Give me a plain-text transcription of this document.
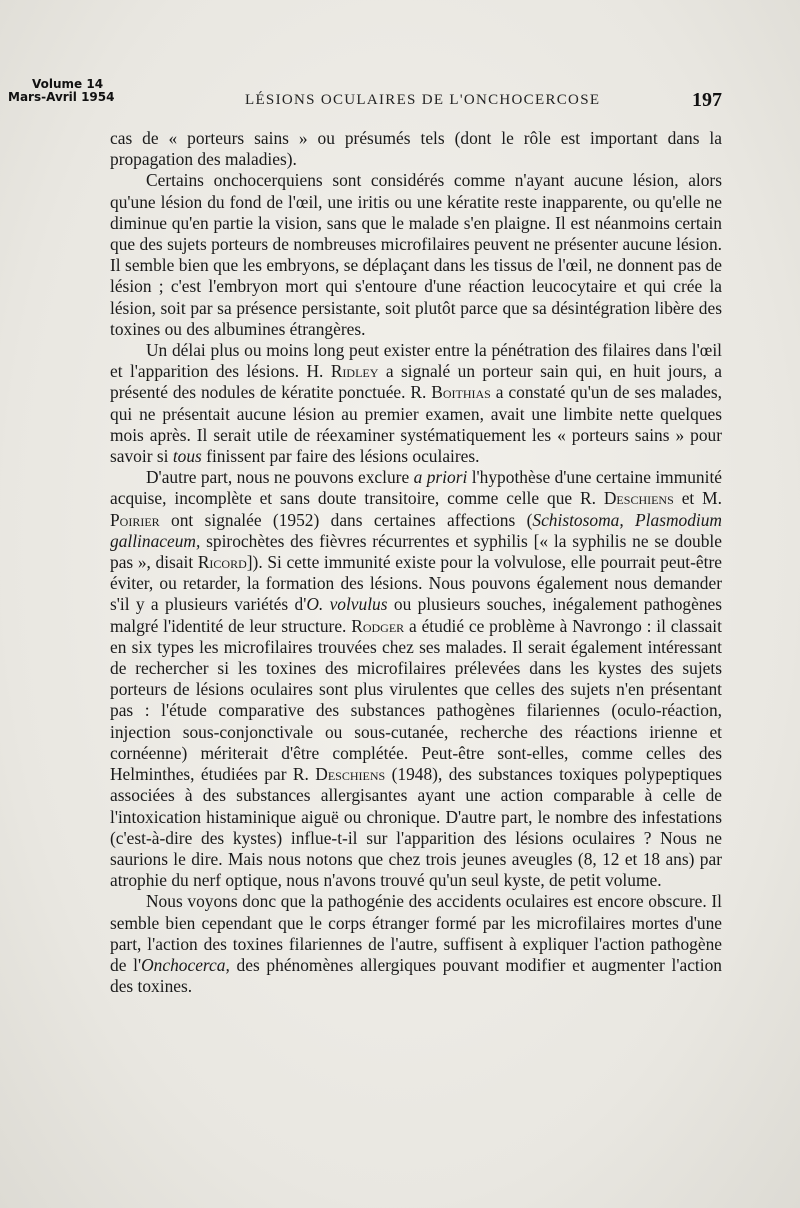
Volume 14
Mars-Avril 1954	LÉSIONS OCULAIRES DE L'ONCHOCERCOSE	197

cas de « porteurs sains » ou présumés tels (dont le rôle est important dans la propagation des maladies).

Certains onchocerquiens sont considérés comme n'ayant aucune lésion, alors qu'une lésion du fond de l'œil, une iritis ou une kératite reste inapparente, ou qu'elle ne diminue qu'en partie la vision, sans que le malade s'en plaigne. Il est néanmoins certain que des sujets porteurs de nombreuses microfilaires peuvent ne présenter aucune lésion. Il semble bien que les embryons, se déplaçant dans les tissus de l'œil, ne donnent pas de lésion ; c'est l'embryon mort qui s'entoure d'une réaction leucocytaire et qui crée la lésion, soit par sa présence persistante, soit plutôt parce que sa désintégration libère des toxines ou des albumines étrangères.

Un délai plus ou moins long peut exister entre la pénétration des filaires dans l'œil et l'apparition des lésions. H. Ridley a signalé un porteur sain qui, en huit jours, a présenté des nodules de kératite ponctuée. R. Boithias a constaté qu'un de ses malades, qui ne présentait aucune lésion au premier examen, avait une limbite nette quelques mois après. Il serait utile de réexaminer systématiquement les « porteurs sains » pour savoir si tous finissent par faire des lésions oculaires.

D'autre part, nous ne pouvons exclure a priori l'hypothèse d'une certaine immunité acquise, incomplète et sans doute transitoire, comme celle que R. Deschiens et M. Poirier ont signalée (1952) dans certaines affections (Schistosoma, Plasmodium gallinaceum, spirochètes des fièvres récurrentes et syphilis [« la syphilis ne se double pas », disait Ricord]). Si cette immunité existe pour la volvulose, elle pourrait peut-être éviter, ou retarder, la formation des lésions. Nous pouvons également nous demander s'il y a plusieurs variétés d'O. volvulus ou plusieurs souches, inégalement pathogènes malgré l'identité de leur structure. Rodger a étudié ce problème à Navrongo : il classait en six types les microfilaires trouvées chez ses malades. Il serait également intéressant de rechercher si les toxines des microfilaires prélevées dans les kystes des sujets porteurs de lésions oculaires sont plus virulentes que celles des sujets n'en présentant pas : l'étude comparative des substances pathogènes filariennes (oculo-réaction, injection sous-conjonctivale ou sous-cutanée, recherche des réactions irienne et cornéenne) mériterait d'être complétée. Peut-être sont-elles, comme celles des Helminthes, étudiées par R. Deschiens (1948), des substances toxiques polypeptiques associées à des substances allergisantes ayant une action comparable à celle de l'intoxication histaminique aiguë ou chronique. D'autre part, le nombre des infestations (c'est-à-dire des kystes) influe-t-il sur l'apparition des lésions oculaires ? Nous ne saurions le dire. Mais nous notons que chez trois jeunes aveugles (8, 12 et 18 ans) par atrophie du nerf optique, nous n'avons trouvé qu'un seul kyste, de petit volume.

Nous voyons donc que la pathogénie des accidents oculaires est encore obscure. Il semble bien cependant que le corps étranger formé par les microfilaires mortes d'une part, l'action des toxines filariennes de l'autre, suffisent à expliquer l'action pathogène de l'Onchocerca, des phénomènes allergiques pouvant modifier et augmenter l'action des toxines.
